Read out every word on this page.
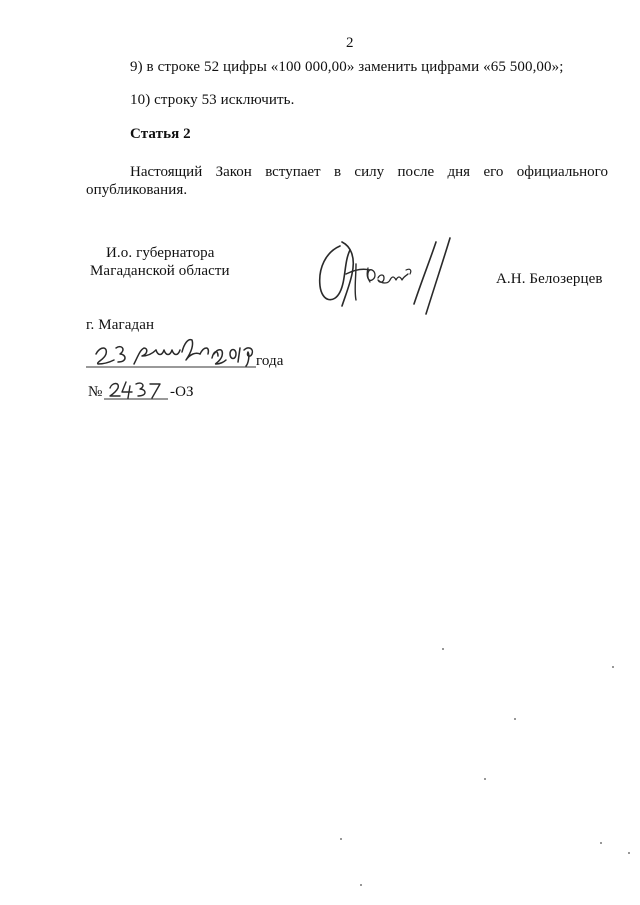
2
9) в строке 52 цифры «100 000,00» заменить цифрами «65 500,00»;
10) строку 53 исключить.
Статья 2
Настоящий Закон вступает в силу после дня его официального
опубликования.
И.о. губернатора
Магаданской области	А.Н. Белозерцев
г. Магадан
года
№	-ОЗ
